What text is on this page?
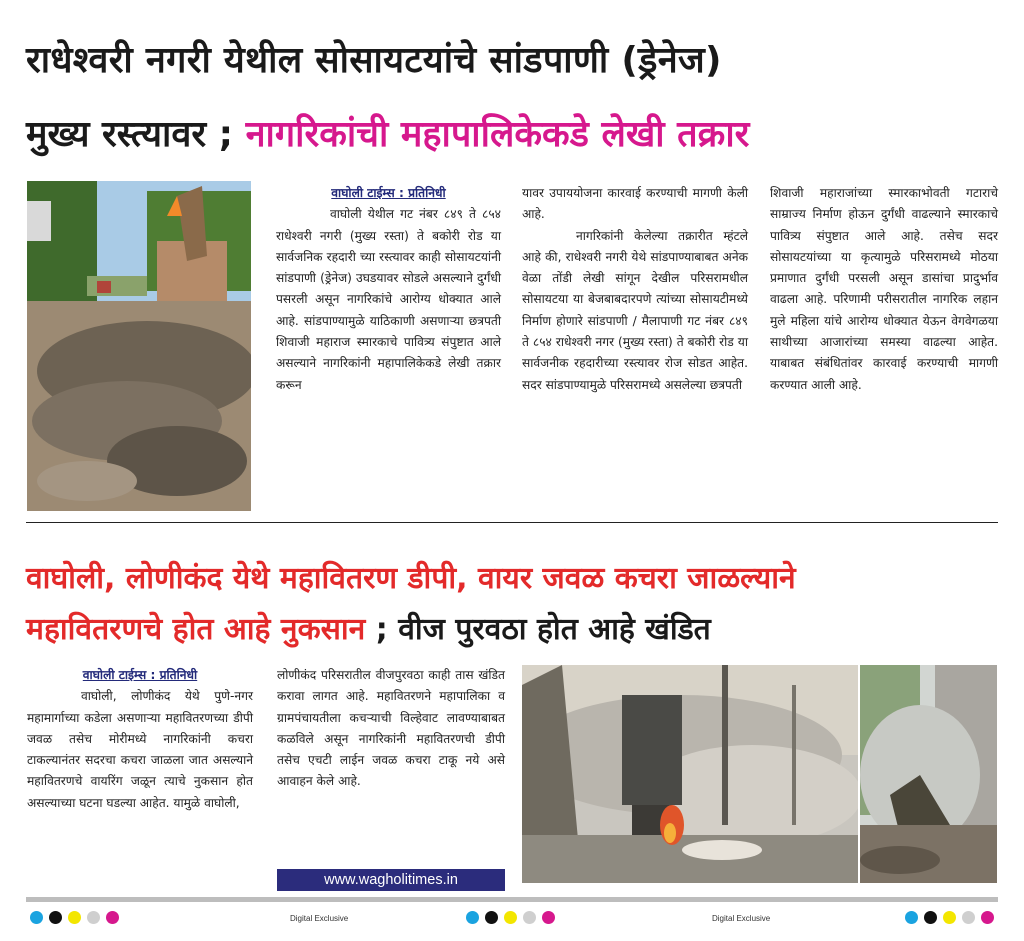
राधेश्वरी नगरी येथील सोसायटयांचे सांडपाणी (ड्रेनेज)
मुख्य रस्त्यावर ; नागरिकांची महापालिकेकडे लेखी तक्रार
वाघोली टाईम्स : प्रतिनिधी
वाघोली येथील गट नंबर ८४९ ते ८५४ राधेश्वरी नगरी (मुख्य रस्ता) ते बकोरी रोड या सार्वजनिक रहदारी च्या रस्त्यावर काही सोसायटयांनी सांडपाणी (ड्रेनेज) उघडयावर सोडले असल्याने दुर्गंधी पसरली असून नागरिकांचे आरोग्य धोक्यात आले आहे. सांडपाण्यामुळे याठिकाणी असणाऱ्या छत्रपती शिवाजी महाराज स्मारकाचे पावित्र्य संपुष्टात आले असल्याने नागरिकांनी महापालिकेकडे लेखी तक्रार करून
यावर उपाययोजना कारवाई करण्याची मागणी केली आहे.
नागरिकांनी केलेल्या तक्रारीत म्हंटले आहे की, राधेश्वरी नगरी येथे सांडपाण्याबाबत अनेक वेळा तोंडी लेखी सांगून देखील परिसरामधील सोसायटया या बेजबाबदारपणे त्यांच्या सोसायटीमध्ये निर्माण होणारे सांडपाणी / मैलापाणी गट नंबर ८४९ ते ८५४ राधेश्वरी नगर (मुख्य रस्ता) ते बकोरी रोड या सार्वजनीक रहदारीच्या रस्त्यावर रोज सोडत आहेत. सदर सांडपाण्यामुळे परिसरामध्ये असलेल्या छत्रपती
शिवाजी महाराजांच्या स्मारकाभोवती गटाराचे साम्राज्य निर्माण होऊन दुर्गंधी वाढल्याने स्मारकाचे पावित्र्य संपुष्टात आले आहे. तसेच सदर सोसायटयांच्या या कृत्यामुळे परिसरामध्ये मोठया प्रमाणात दुर्गंधी परसली असून डासांचा प्रादुर्भाव वाढला आहे. परिणामी परीसरातील नागरिक लहान मुले महिला यांचे आरोग्य धोक्यात येऊन वेगवेगळया साथीच्या आजारांच्या समस्या वाढल्या आहेत. याबाबत संबंधितांवर कारवाई करण्याची मागणी करण्यात आली आहे.
वाघोली, लोणीकंद येथे महावितरण डीपी, वायर जवळ कचरा जाळल्याने
महावितरणचे होत आहे नुकसान ; वीज पुरवठा होत आहे खंडित
वाघोली टाईम्स : प्रतिनिधी
वाघोली, लोणीकंद येथे पुणे-नगर महामार्गाच्या कडेला असणाऱ्या महावितरणच्या डीपी जवळ तसेच मोरीमध्ये नागरिकांनी कचरा टाकल्यानंतर सदरचा कचरा जाळला जात असल्याने महावितरणचे वायरिंग जळून त्याचे नुकसान होत असल्याच्या घटना घडल्या आहेत. यामुळे वाघोली,
लोणीकंद परिसरातील वीजपुरवठा काही तास खंडित करावा लागत आहे. महावितरणने महापालिका व ग्रामपंचायतीला कचऱ्याची विल्हेवाट लावण्याबाबत कळविले असून नागरिकांनी महावितरणची डीपी तसेच एचटी लाईन जवळ कचरा टाकू नये असे आवाहन केले आहे.
www.wagholitimes.in
Digital Exclusive	Digital Exclusive
